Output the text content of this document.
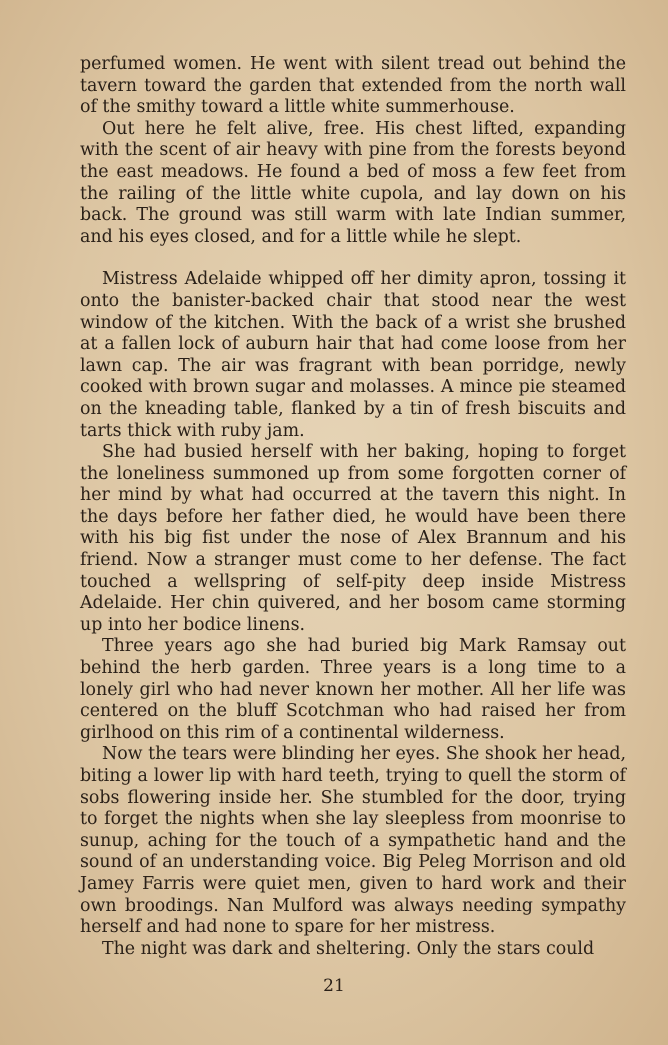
perfumed women. He went with silent tread out behind the tavern toward the garden that extended from the north wall of the smithy toward a little white summerhouse.

Out here he felt alive, free. His chest lifted, expanding with the scent of air heavy with pine from the forests beyond the east meadows. He found a bed of moss a few feet from the railing of the little white cupola, and lay down on his back. The ground was still warm with late Indian summer, and his eyes closed, and for a little while he slept.

Mistress Adelaide whipped off her dimity apron, tossing it onto the banister-backed chair that stood near the west window of the kitchen. With the back of a wrist she brushed at a fallen lock of auburn hair that had come loose from her lawn cap. The air was fragrant with bean porridge, newly cooked with brown sugar and molasses. A mince pie steamed on the kneading table, flanked by a tin of fresh biscuits and tarts thick with ruby jam.

She had busied herself with her baking, hoping to forget the loneliness summoned up from some forgotten corner of her mind by what had occurred at the tavern this night. In the days before her father died, he would have been there with his big fist under the nose of Alex Brannum and his friend. Now a stranger must come to her defense. The fact touched a wellspring of self-pity deep inside Mistress Adelaide. Her chin quivered, and her bosom came storming up into her bodice linens.

Three years ago she had buried big Mark Ramsay out behind the herb garden. Three years is a long time to a lonely girl who had never known her mother. All her life was centered on the bluff Scotchman who had raised her from girlhood on this rim of a continental wilderness.

Now the tears were blinding her eyes. She shook her head, biting a lower lip with hard teeth, trying to quell the storm of sobs flowering inside her. She stumbled for the door, trying to forget the nights when she lay sleepless from moonrise to sunup, aching for the touch of a sympathetic hand and the sound of an understanding voice. Big Peleg Morrison and old Jamey Farris were quiet men, given to hard work and their own broodings. Nan Mulford was always needing sympathy herself and had none to spare for her mistress.

The night was dark and sheltering. Only the stars could

21
